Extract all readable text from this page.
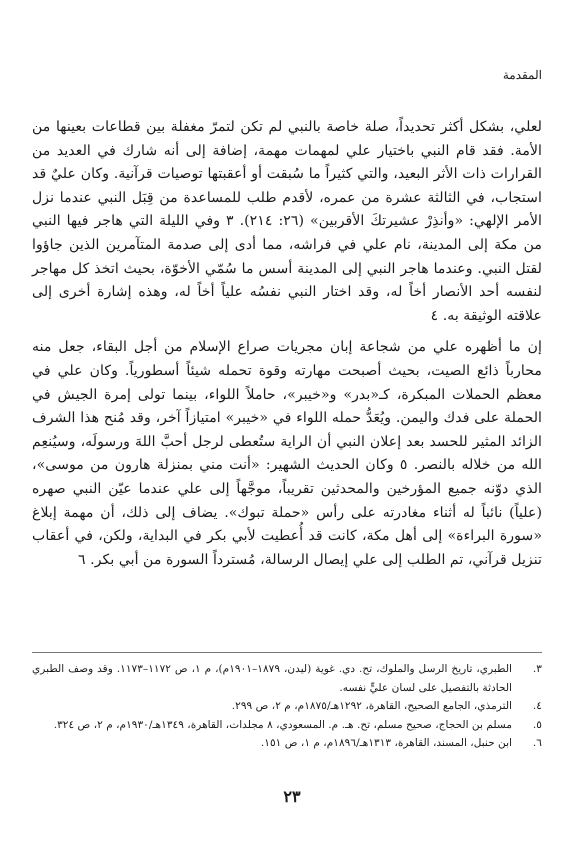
المقدمة

لعلي، بشكل أكثر تحديداً، صلة خاصة بالنبي لم تكن لتمرّ مغفلة بين قطاعات بعينها من الأمة. فقد قام النبي باختيار علي لمهمات مهمة، إضافة إلى أنه شارك في العديد من القرارات ذات الأثر البعيد، والتي كثيراً ما سُبقت أو أعقبتها توصيات قرآنية. وكان عليٌ قد استجاب، في الثالثة عشرة من عمره، لأقدم طلب للمساعدة من قِبَل النبي عندما نزل الأمر الإلهي: «وأنذِرْ عشيرتكَ الأقربين» (٢٦: ٢١٤). ٣ وفي الليلة التي هاجر فيها النبي من مكة إلى المدينة، نام علي في فراشه، مما أدى إلى صدمة المتآمرين الذين جاؤوا لقتل النبي. وعندما هاجر النبي إلى المدينة أسس ما سُمّي الأخوّة، بحيث اتخذ كل مهاجر لنفسه أحد الأنصار أخاً له، وقد اختار النبي نفسُه علياً أخاً له، وهذه إشارة أخرى إلى علاقته الوثيقة به. ٤

إن ما أظهره علي من شجاعة إبان مجريات صراع الإسلام من أجل البقاء، جعل منه محارباً ذائع الصيت، بحيث أصبحت مهارته وقوة تحمله شيئاً أسطورياً. وكان علي في معظم الحملات المبكرة، كـ«بدر» و«خيبر»، حاملاً اللواء، بينما تولى إمرة الجيش في الحملة على فدك واليمن. ويُعَدُّ حمله اللواء في «خيبر» امتيازاً آخر، وقد مُنح هذا الشرف الزائد المثير للحسد بعد إعلان النبي أن الراية ستُعطى لرجل أحبَّ اللهَ ورسولَه، وسيُنعِم الله من خلاله بالنصر. ٥ وكان الحديث الشهير: «أنت مني بمنزلة هارون من موسى»، الذي دوّنه جميع المؤرخين والمحدثين تقريباً، موجَّهاً إلى علي عندما عيّن النبي صهره (علياً) نائباً له أثناء مغادرته على رأس «حملة تبوك». يضاف إلى ذلك، أن مهمة إبلاغ «سورة البراءة» إلى أهل مكة، كانت قد أُعطيت لأبي بكر في البداية، ولكن، في أعقاب تنزيل قرآني، تم الطلب إلى علي إيصال الرسالة، مُسترداً السورة من أبي بكر. ٦

٣.
الطبري، تاريخ الرسل والملوك، تح. دي. غوية (ليدن، ١٨٧٩–١٩٠١م)، م ١، ص ١١٧٢–١١٧٣. وقد وصف الطبري الحادثة بالتفصيل على لسان عليٍّ نفسه.
٤.
الترمذي، الجامع الصحيح، القاهرة، ١٢٩٢هـ/١٨٧٥م، م ٢، ص ٢٩٩.
٥.
مسلم بن الحجاج، صحيح مسلم، تح. هـ. م. المسعودي، ٨ مجلدات، القاهرة، ١٣٤٩هـ/١٩٣٠م، م ٢، ص ٣٢٤.
٦.
ابن حنبل، المسند، القاهرة، ١٣١٣هـ/١٨٩٦م، م ١، ص ١٥١.
٢٣
